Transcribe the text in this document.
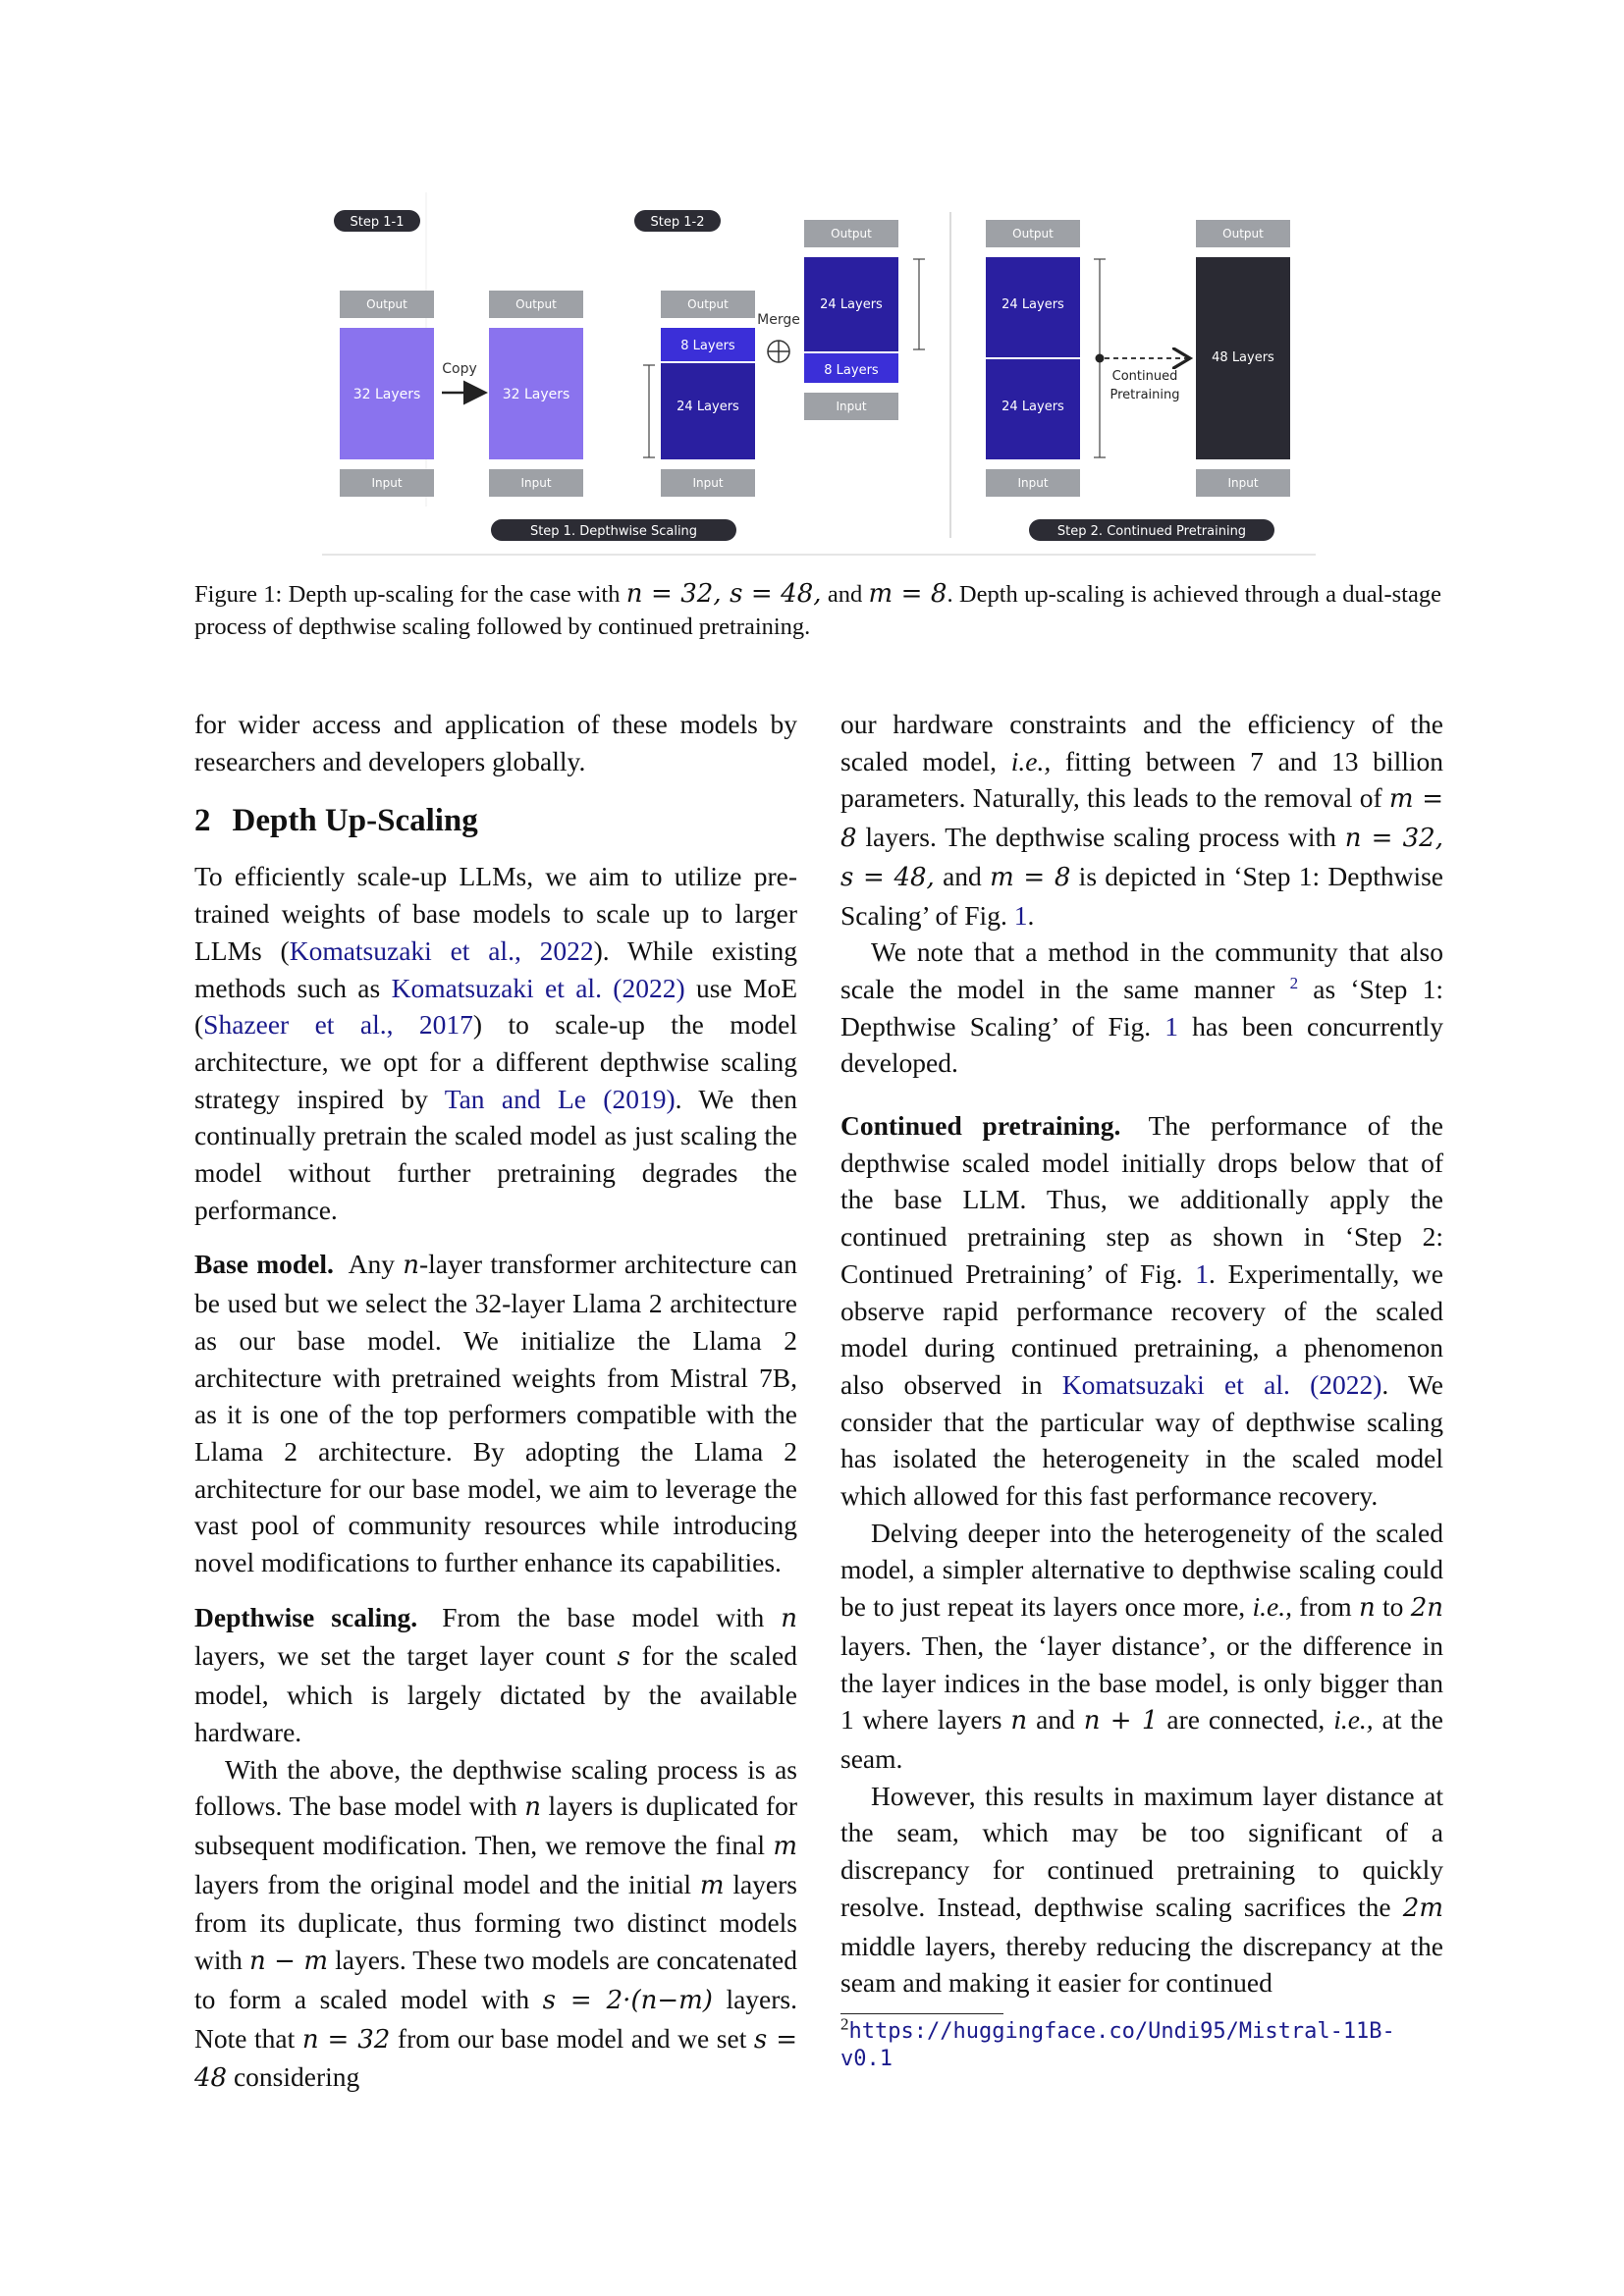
Step 1-1	Step 1-2
Output
32 Layers
Input
Copy
Output
32 Layers
Input
Output
8 Layers
24 Layers
Input
Merge
Output
24 Layers
8 Layers
Input
Output
24 Layers
24 Layers
Input
Continued
Pretraining
Output
48 Layers
Input
Step 1. Depthwise Scaling	Step 2. Continued Pretraining
Figure 1: Depth up-scaling for the case with n = 32, s = 48, and m = 8. Depth up-scaling is achieved through a dual-stage process of depthwise scaling followed by continued pretraining.

for wider access and application of these models by researchers and developers globally.

2 Depth Up-Scaling

To efficiently scale-up LLMs, we aim to utilize pre-trained weights of base models to scale up to larger LLMs (Komatsuzaki et al., 2022). While existing methods such as Komatsuzaki et al. (2022) use MoE (Shazeer et al., 2017) to scale-up the model architecture, we opt for a different depthwise scaling strategy inspired by Tan and Le (2019). We then continually pretrain the scaled model as just scaling the model without further pretraining degrades the performance.

Base model. Any n-layer transformer architecture can be used but we select the 32-layer Llama 2 architecture as our base model. We initialize the Llama 2 architecture with pretrained weights from Mistral 7B, as it is one of the top performers compatible with the Llama 2 architecture. By adopting the Llama 2 architecture for our base model, we aim to leverage the vast pool of community resources while introducing novel modifications to further enhance its capabilities.

Depthwise scaling. From the base model with n layers, we set the target layer count s for the scaled model, which is largely dictated by the available hardware.

With the above, the depthwise scaling process is as follows. The base model with n layers is duplicated for subsequent modification. Then, we remove the final m layers from the original model and the initial m layers from its duplicate, thus forming two distinct models with n − m layers. These two models are concatenated to form a scaled model with s = 2·(n−m) layers. Note that n = 32 from our base model and we set s = 48 considering

our hardware constraints and the efficiency of the scaled model, i.e., fitting between 7 and 13 billion parameters. Naturally, this leads to the removal of m = 8 layers. The depthwise scaling process with n = 32, s = 48, and m = 8 is depicted in ‘Step 1: Depthwise Scaling’ of Fig. 1.

We note that a method in the community that also scale the model in the same manner $^2$ as ‘Step 1: Depthwise Scaling’ of Fig. 1 has been concurrently developed.

Continued pretraining. The performance of the depthwise scaled model initially drops below that of the base LLM. Thus, we additionally apply the continued pretraining step as shown in ‘Step 2: Continued Pretraining’ of Fig. 1. Experimentally, we observe rapid performance recovery of the scaled model during continued pretraining, a phenomenon also observed in Komatsuzaki et al. (2022). We consider that the particular way of depthwise scaling has isolated the heterogeneity in the scaled model which allowed for this fast performance recovery.

Delving deeper into the heterogeneity of the scaled model, a simpler alternative to depthwise scaling could be to just repeat its layers once more, i.e., from n to 2n layers. Then, the ‘layer distance’, or the difference in the layer indices in the base model, is only bigger than 1 where layers n and n + 1 are connected, i.e., at the seam.

However, this results in maximum layer distance at the seam, which may be too significant of a discrepancy for continued pretraining to quickly resolve. Instead, depthwise scaling sacrifices the 2m middle layers, thereby reducing the discrepancy at the seam and making it easier for continued

$^2$https://huggingface.co/Undi95/Mistral-11B-v0.1
